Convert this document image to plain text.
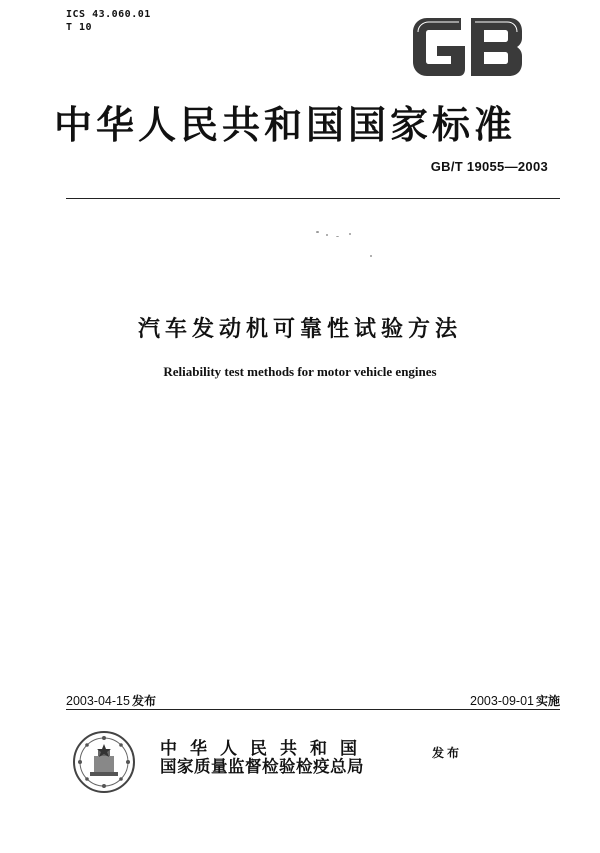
ICS 43.060.01
T 10
中华人民共和国国家标准
GB/T 19055—2003
汽车发动机可靠性试验方法
Reliability test methods for motor vehicle engines
2003-04-15 发布	2003-09-01 实施
中华人民共和国
国家质量监督检验检疫总局
发布
